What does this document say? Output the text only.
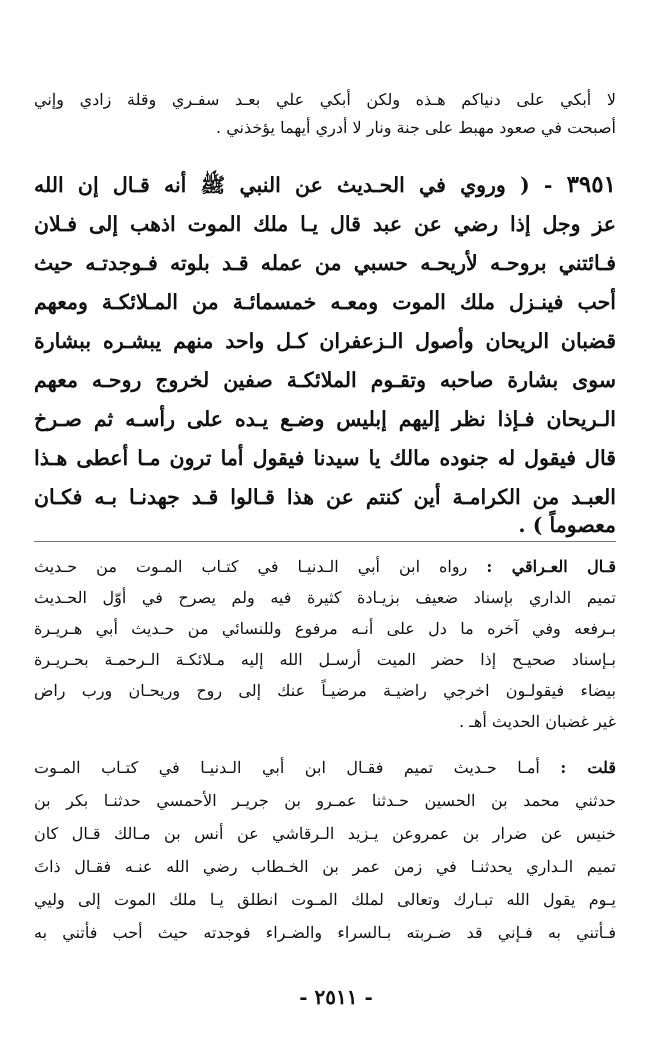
لا أبكي على دنياكم هـذه ولكن أبكي علي بعـد سفـري وقلة زادي وإني
أصبحت في صعود مهبط على جنة ونار لا أدري أيهما يؤخذني .
٣٩٥١ - ( وروي في الحـديث عن النبي ﷺ أنه قـال إن الله
عز وجل إذا رضي عن عبد قال يـا ملك الموت اذهب إلى فـلان
فـائتني بروحـه لأريحـه حسبي من عمله قـد بلوته فـوجدتـه حيث
أحب فينـزل ملك الموت ومعـه خمسمائـة من المـلائكـة ومعهم
قضبان الريحان وأصول الـزعفران كـل واحد منهم يبشـره ببشارة
سوى بشارة صاحبه وتقـوم الملائكـة صفين لخروج روحـه معهم
الـريحان فـإذا نظر إليهم إبليس وضـع يـده على رأسـه ثم صـرخ
قال فيقول له جنوده مالك يا سيدنا فيقول أما ترون مـا أعطى هـذا
العبـد من الكرامـة أين كنتم عن هذا قـالوا قـد جهدنـا بـه فكـان
معصوماً ) .
قـال العـراقي : رواه ابن أبي الـدنيـا في كتـاب المـوت من حـديث
تميم الداري بإسناد ضعيف بزيـادة كثيرة فيه ولم يصرح في أوّل الحـديث
بـرفعه وفي آخره ما دل على أنـه مرفوع وللنسائي من حـديث أبي هـريـرة
بـإسناد صحيـح إذا حضر الميت أرسـل الله إليه مـلائكـة الـرحمـة بحـريـرة
بيضاء فيقولـون اخرجي راضيـة مرضيـاً عنك إلى روح وريحـان ورب راض
غير غضبان الحديث أهـ .
قلت : أمـا حـديث تميم فقـال ابن أبي الـدنيـا في كتـاب المـوت
حدثني محمد بن الحسين حـدثنا عمـرو بن جريـر الأحمسي حدثنـا بكر بن
خنيس عن ضرار بن عمروعن يـزيد الـرقاشي عن أنس بن مـالك قـال كان
تميم الـداري يحدثنـا في زمن عمر بن الخـطاب رضي الله عنـه فقـال ذاتَ
يـوم يقول الله تبـارك وتعالى لملك المـوت انطلق يـا ملك الموت إلى وليي
فـأتني به فـإني قد ضـربته بـالسراء والضـراء فوجدته حيث أحب فأتني به
- ٢٥١١ -
